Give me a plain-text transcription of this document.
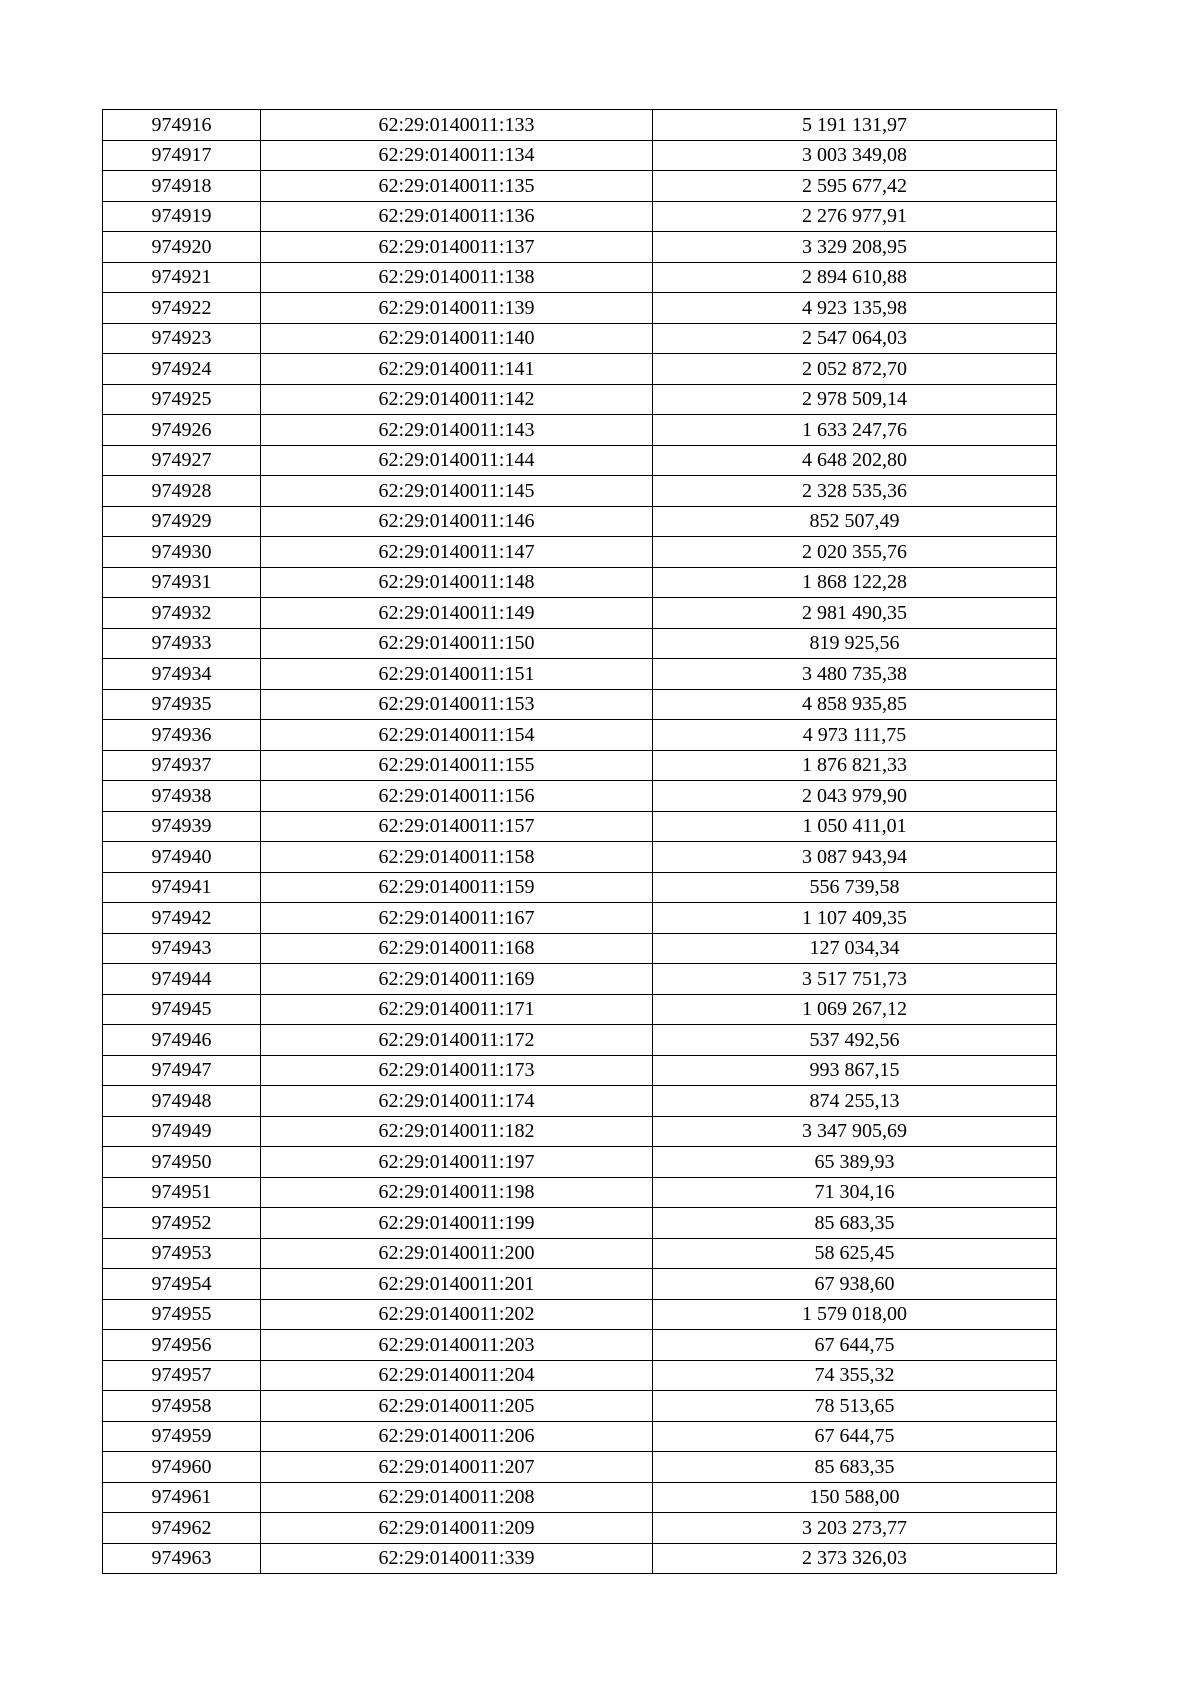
974916	62:29:0140011:133	5 191 131,97
974917	62:29:0140011:134	3 003 349,08
974918	62:29:0140011:135	2 595 677,42
974919	62:29:0140011:136	2 276 977,91
974920	62:29:0140011:137	3 329 208,95
974921	62:29:0140011:138	2 894 610,88
974922	62:29:0140011:139	4 923 135,98
974923	62:29:0140011:140	2 547 064,03
974924	62:29:0140011:141	2 052 872,70
974925	62:29:0140011:142	2 978 509,14
974926	62:29:0140011:143	1 633 247,76
974927	62:29:0140011:144	4 648 202,80
974928	62:29:0140011:145	2 328 535,36
974929	62:29:0140011:146	852 507,49
974930	62:29:0140011:147	2 020 355,76
974931	62:29:0140011:148	1 868 122,28
974932	62:29:0140011:149	2 981 490,35
974933	62:29:0140011:150	819 925,56
974934	62:29:0140011:151	3 480 735,38
974935	62:29:0140011:153	4 858 935,85
974936	62:29:0140011:154	4 973 111,75
974937	62:29:0140011:155	1 876 821,33
974938	62:29:0140011:156	2 043 979,90
974939	62:29:0140011:157	1 050 411,01
974940	62:29:0140011:158	3 087 943,94
974941	62:29:0140011:159	556 739,58
974942	62:29:0140011:167	1 107 409,35
974943	62:29:0140011:168	127 034,34
974944	62:29:0140011:169	3 517 751,73
974945	62:29:0140011:171	1 069 267,12
974946	62:29:0140011:172	537 492,56
974947	62:29:0140011:173	993 867,15
974948	62:29:0140011:174	874 255,13
974949	62:29:0140011:182	3 347 905,69
974950	62:29:0140011:197	65 389,93
974951	62:29:0140011:198	71 304,16
974952	62:29:0140011:199	85 683,35
974953	62:29:0140011:200	58 625,45
974954	62:29:0140011:201	67 938,60
974955	62:29:0140011:202	1 579 018,00
974956	62:29:0140011:203	67 644,75
974957	62:29:0140011:204	74 355,32
974958	62:29:0140011:205	78 513,65
974959	62:29:0140011:206	67 644,75
974960	62:29:0140011:207	85 683,35
974961	62:29:0140011:208	150 588,00
974962	62:29:0140011:209	3 203 273,77
974963	62:29:0140011:339	2 373 326,03
